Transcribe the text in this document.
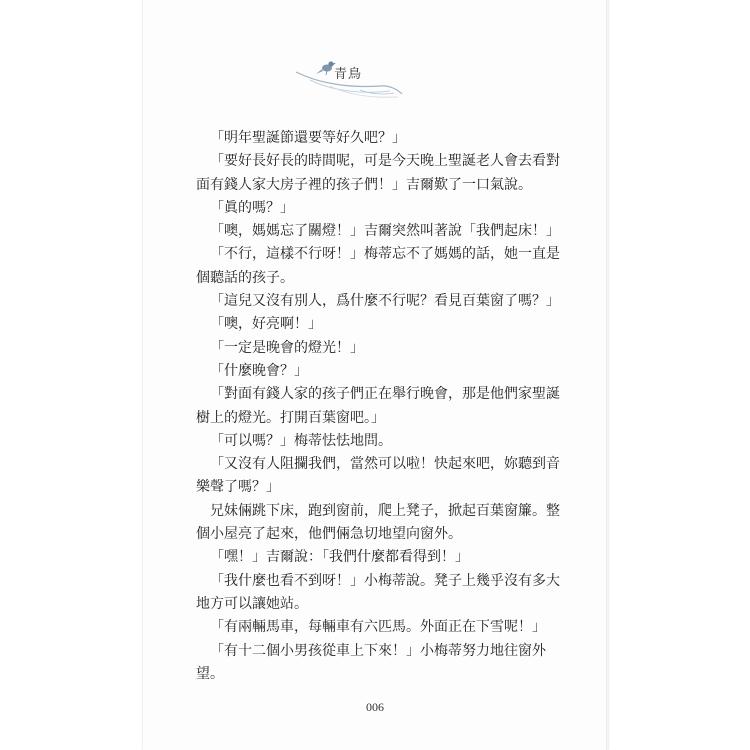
青鳥

「明年聖誕節還要等好久吧？」

「要好長好長的時間呢，可是今天晚上聖誕老人會去看對面有錢人家大房子裡的孩子們！」吉爾歎了一口氣說。

「眞的嗎？」

「噢，媽媽忘了關燈！」吉爾突然叫著說「我們起床！」

「不行，這樣不行呀！」梅蒂忘不了媽媽的話，她一直是個聽話的孩子。

「這兒又沒有別人，爲什麼不行呢？看見百葉窗了嗎？」

「噢，好亮啊！」

「一定是晚會的燈光！」

「什麼晚會？」

「對面有錢人家的孩子們正在舉行晚會，那是他們家聖誕樹上的燈光。打開百葉窗吧。」

「可以嗎？」梅蒂怯怯地問。

「又沒有人阻攔我們，當然可以啦！快起來吧，妳聽到音樂聲了嗎？」

兄妹倆跳下床，跑到窗前，爬上凳子，掀起百葉窗簾。整個小屋亮了起來，他們倆急切地望向窗外。

「嘿！」吉爾說：「我們什麼都看得到！」

「我什麼也看不到呀！」小梅蒂說。凳子上幾乎沒有多大地方可以讓她站。

「有兩輛馬車，每輛車有六匹馬。外面正在下雪呢！」

「有十二個小男孩從車上下來！」小梅蒂努力地往窗外望。

006
